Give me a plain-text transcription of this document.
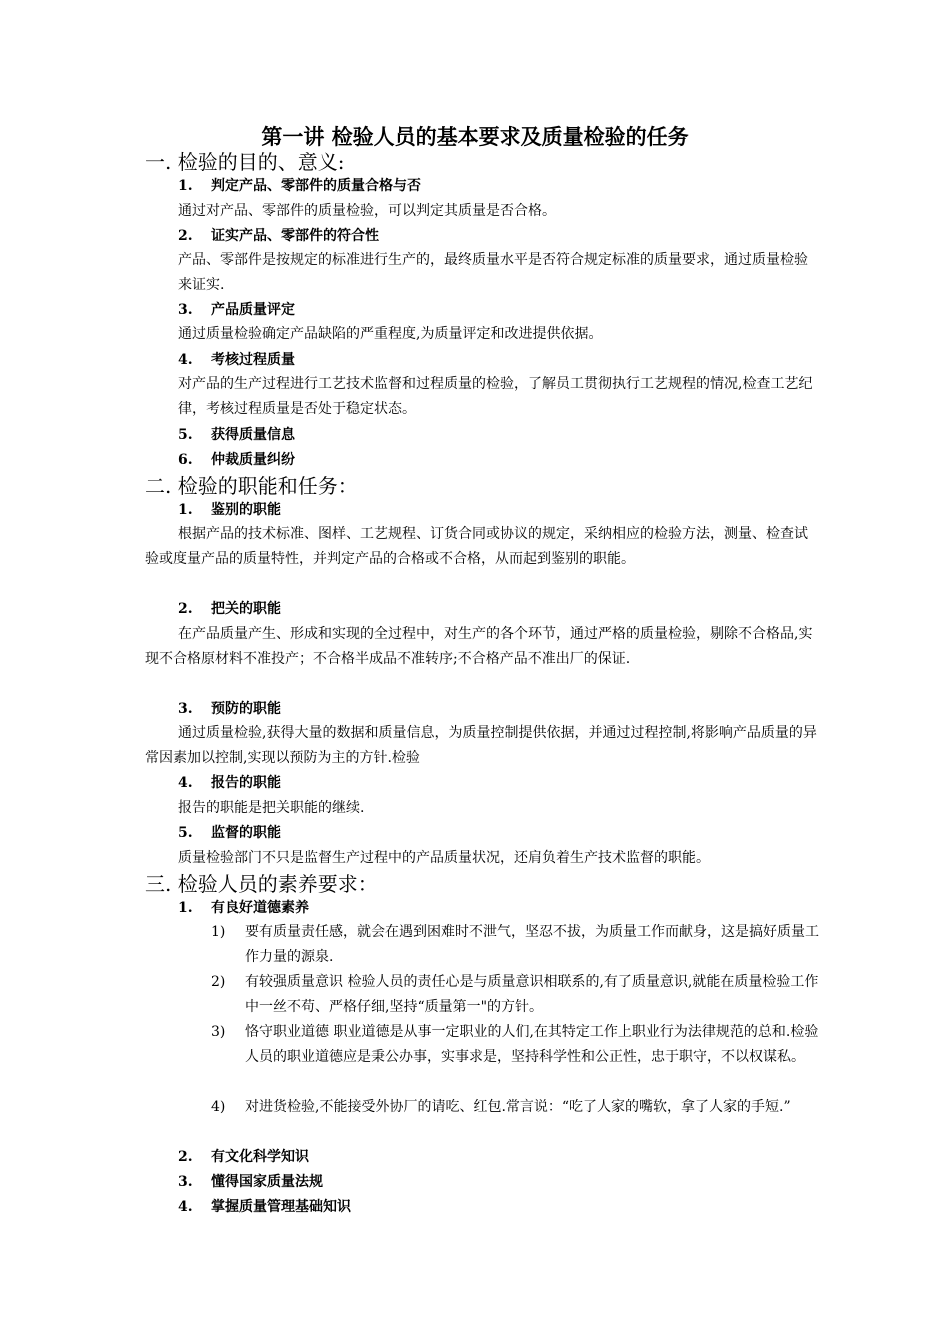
第一讲 检验人员的基本要求及质量检验的任务
一. 检验的目的、意义:
1. 判定产品、零部件的质量合格与否
通过对产品、零部件的质量检验，可以判定其质量是否合格。
2. 证实产品、零部件的符合性
产品、零部件是按规定的标准进行生产的，最终质量水平是否符合规定标准的质量要求，通过质量检验来证实.
3. 产品质量评定
通过质量检验确定产品缺陷的严重程度,为质量评定和改进提供依据。
4. 考核过程质量
对产品的生产过程进行工艺技术监督和过程质量的检验，了解员工贯彻执行工艺规程的情况,检查工艺纪律，考核过程质量是否处于稳定状态。
5. 获得质量信息
6. 仲裁质量纠纷
二. 检验的职能和任务：
1. 鉴别的职能
根据产品的技术标准、图样、工艺规程、订货合同或协议的规定，采纳相应的检验方法，测量、检查试验或度量产品的质量特性，并判定产品的合格或不合格，从而起到鉴别的职能。
2. 把关的职能
在产品质量产生、形成和实现的全过程中，对生产的各个环节，通过严格的质量检验，剔除不合格品,实现不合格原材料不准投产；不合格半成品不准转序;不合格产品不准出厂的保证.
3. 预防的职能
通过质量检验,获得大量的数据和质量信息，为质量控制提供依据，并通过过程控制,将影响产品质量的异常因素加以控制,实现以预防为主的方针.检验
4. 报告的职能
报告的职能是把关职能的继续.
5. 监督的职能
质量检验部门不只是监督生产过程中的产品质量状况，还肩负着生产技术监督的职能。
三. 检验人员的素养要求：
1. 有良好道德素养
1) 要有质量责任感，就会在遇到困难时不泄气，坚忍不拔，为质量工作而献身，这是搞好质量工作力量的源泉.
2) 有较强质量意识 检验人员的责任心是与质量意识相联系的,有了质量意识,就能在质量检验工作中一丝不苟、严格仔细,坚持“质量第一"的方针。
3) 恪守职业道德 职业道德是从事一定职业的人们,在其特定工作上职业行为法律规范的总和.检验人员的职业道德应是秉公办事，实事求是，坚持科学性和公正性，忠于职守，不以权谋私。
4) 对进货检验,不能接受外协厂的请吃、红包.常言说：“吃了人家的嘴软，拿了人家的手短.”
2. 有文化科学知识
3. 懂得国家质量法规
4. 掌握质量管理基础知识
